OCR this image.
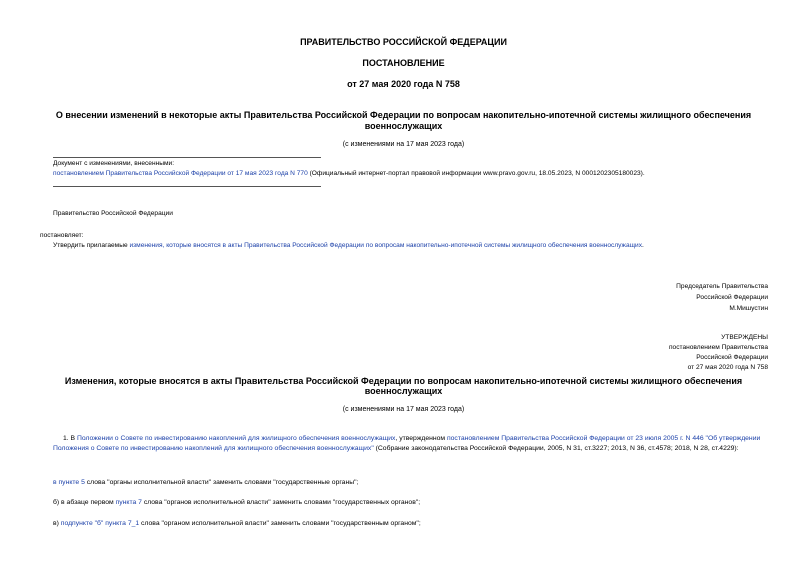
ПРАВИТЕЛЬСТВО РОССИЙСКОЙ ФЕДЕРАЦИИ
ПОСТАНОВЛЕНИЕ
от 27 мая 2020 года N 758
О внесении изменений в некоторые акты Правительства Российской Федерации по вопросам накопительно-ипотечной системы жилищного обеспечения
военнослужащих
(с изменениями на 17 мая 2023 года)
Документ с изменениями, внесенными:
постановлением Правительства Российской Федерации от 17 мая 2023 года N 770 (Официальный интернет-портал правовой информации www.pravo.gov.ru, 18.05.2023, N 0001202305180023).
Правительство Российской Федерации
постановляет:
Утвердить прилагаемые изменения, которые вносятся в акты Правительства Российской Федерации по вопросам накопительно-ипотечной системы жилищного обеспечения военнослужащих.
Председатель Правительства
Российской Федерации
М.Мишустин
УТВЕРЖДЕНЫ
постановлением Правительства
Российской Федерации
от 27 мая 2020 года N 758
Изменения, которые вносятся в акты Правительства Российской Федерации по вопросам накопительно-ипотечной системы жилищного обеспечения
военнослужащих
(с изменениями на 17 мая 2023 года)
1. В Положении о Совете по инвестированию накоплений для жилищного обеспечения военнослужащих, утвержденном постановлением Правительства Российской Федерации от 23 июля 2005 г. N 446 "Об утверждении Положения о Совете по инвестированию накоплений для жилищного обеспечения военнослужащих" (Собрание законодательства Российской Федерации, 2005, N 31, ст.3227; 2013, N 36, ст.4578; 2018, N 28, ст.4229):
в пункте 5 слова "органы исполнительной власти" заменить словами "государственные органы";
б) в абзаце первом пункта 7 слова "органов исполнительной власти" заменить словами "государственных органов";
в) подпункте "б" пункта 7_1 слова "органом исполнительной власти" заменить словами "государственным органом";
